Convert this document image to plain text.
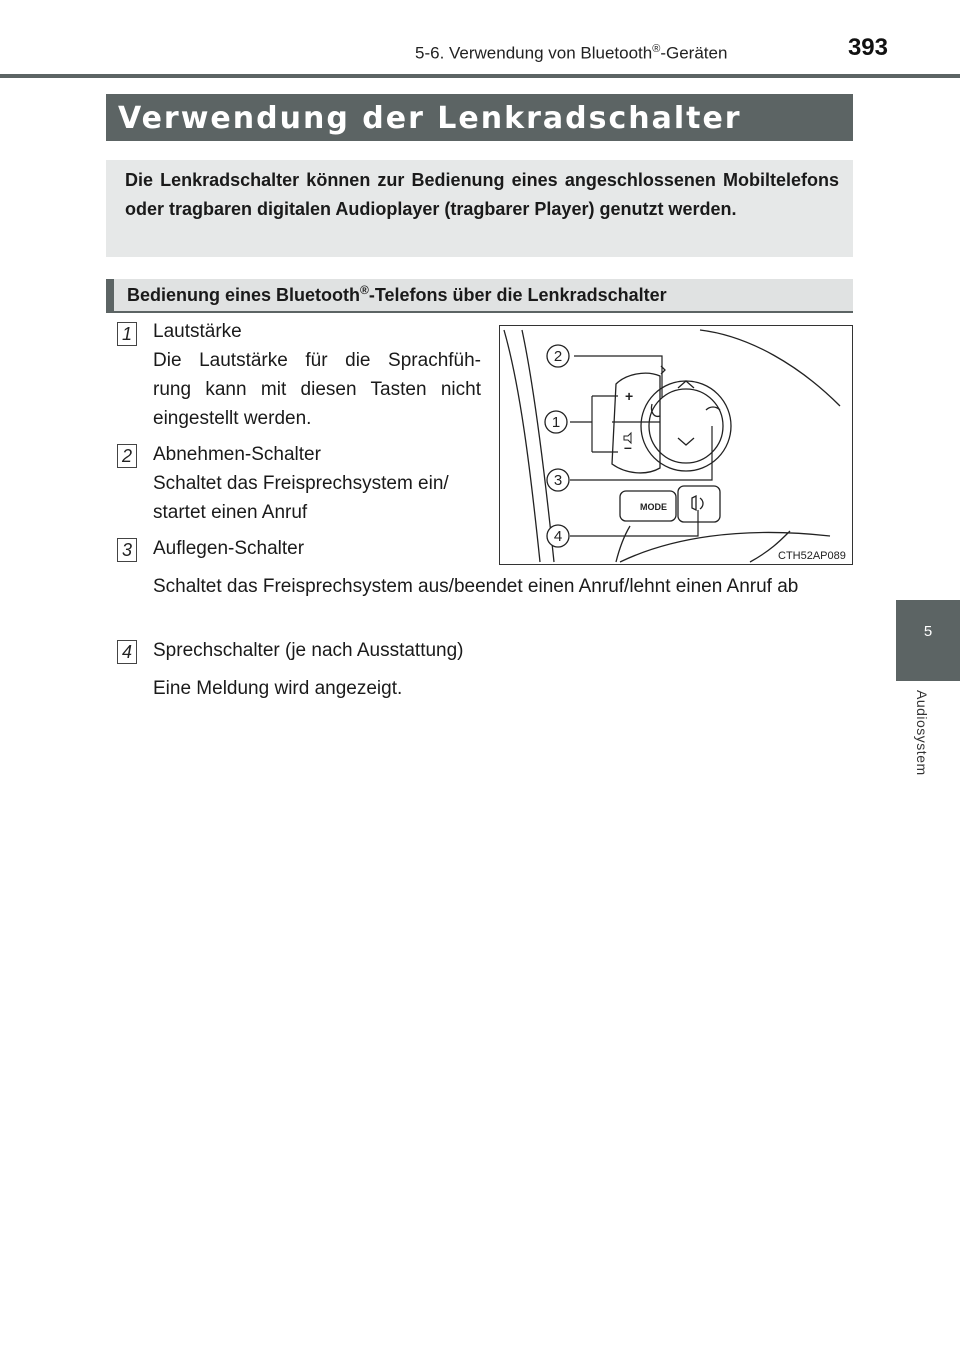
5-6. Verwendung von Bluetooth®-Geräten	393
5
Audiosystem
Verwendung der Lenkradschalter
Die Lenkradschalter können zur Bedienung eines angeschlossenen Mobiltelefons oder tragbaren digitalen Audioplayer (tragbarer Player) genutzt werden.
Bedienung eines Bluetooth®-Telefons über die Lenkradschalter
1 Lautstärke
Die Lautstärke für die Sprachfüh-
rung kann mit diesen Tasten nicht
eingestellt werden.
2 Abnehmen-Schalter
Schaltet das Freisprechsystem ein/
startet einen Anruf
3 Auflegen-Schalter
Schaltet das Freisprechsystem aus/beendet einen Anruf/lehnt einen Anruf ab
4 Sprechschalter (je nach Ausstattung)
Eine Meldung wird angezeigt.
+
–
MODE
2
1
3
4
CTH52AP089
